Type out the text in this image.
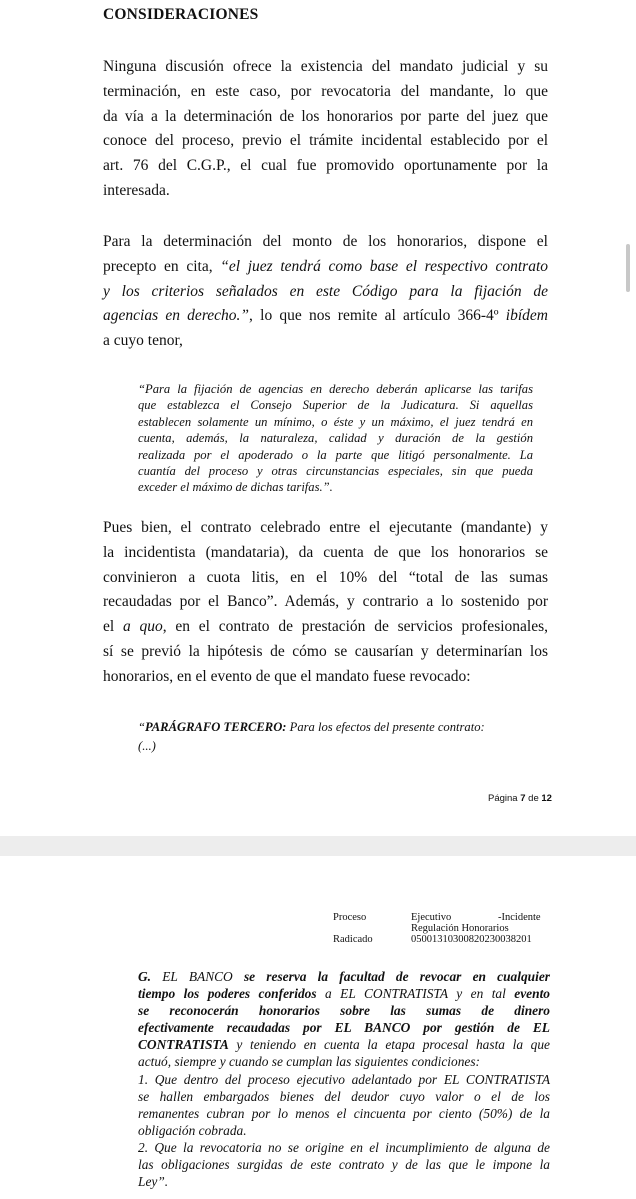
CONSIDERACIONES
Ninguna discusión ofrece la existencia del mandato judicial y su
terminación, en este caso, por revocatoria del mandante, lo que
da vía a la determinación de los honorarios por parte del juez que
conoce del proceso, previo el trámite incidental establecido por el
art. 76 del C.G.P., el cual fue promovido oportunamente por la
interesada.
Para la determinación del monto de los honorarios, dispone el
precepto en cita, “el juez tendrá como base el respectivo contrato
y los criterios señalados en este Código para la fijación de
agencias en derecho.”, lo que nos remite al artículo 366-4º ibídem
a cuyo tenor,
“Para la fijación de agencias en derecho deberán aplicarse las tarifas
que establezca el Consejo Superior de la Judicatura. Si aquellas
establecen solamente un mínimo, o éste y un máximo, el juez tendrá en
cuenta, además, la naturaleza, calidad y duración de la gestión
realizada por el apoderado o la parte que litigó personalmente. La
cuantía del proceso y otras circunstancias especiales, sin que pueda
exceder el máximo de dichas tarifas.”.
Pues bien, el contrato celebrado entre el ejecutante (mandante) y
la incidentista (mandataria), da cuenta de que los honorarios se
convinieron a cuota litis, en el 10% del “total de las sumas
recaudadas por el Banco”. Además, y contrario a lo sostenido por
el a quo, en el contrato de prestación de servicios profesionales,
sí se previó la hipótesis de cómo se causarían y determinarían los
honorarios, en el evento de que el mandato fuese revocado:
“PARÁGRAFO TERCERO: Para los efectos del presente contrato:
(...)
Página 7 de 12
Proceso	Ejecutivo	-Incidente
Regulación Honorarios
Radicado	05001310300820230038201
G. EL BANCO se reserva la facultad de revocar en cualquier
tiempo los poderes conferidos a EL CONTRATISTA y en tal evento
se reconocerán honorarios sobre las sumas de dinero
efectivamente recaudadas por EL BANCO por gestión de EL
CONTRATISTA y teniendo en cuenta la etapa procesal hasta la que
actuó, siempre y cuando se cumplan las siguientes condiciones:
1. Que dentro del proceso ejecutivo adelantado por EL CONTRATISTA
se hallen embargados bienes del deudor cuyo valor o el de los
remanentes cubran por lo menos el cincuenta por ciento (50%) de la
obligación cobrada.
2. Que la revocatoria no se origine en el incumplimiento de alguna de
las obligaciones surgidas de este contrato y de las que le impone la
Ley”.
